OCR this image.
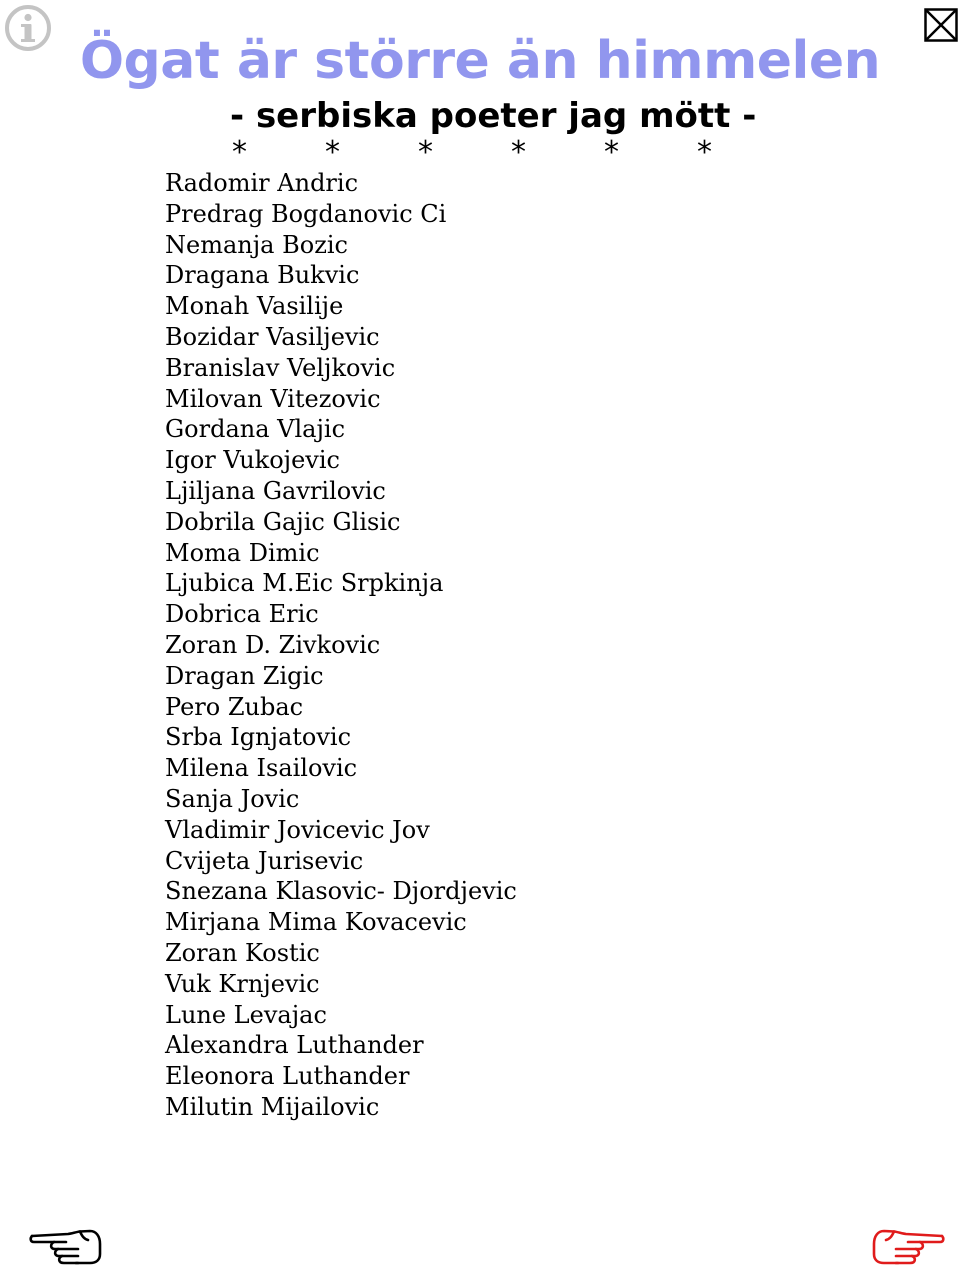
Ögat är större än himmelen
- serbiska poeter jag mött -
*	*	*	*	*	*
Radomir Andric
Predrag Bogdanovic Ci
Nemanja Bozic
Dragana Bukvic
Monah Vasilije
Bozidar Vasiljevic
Branislav Veljkovic
Milovan Vitezovic
Gordana Vlajic
Igor Vukojevic
Ljiljana Gavrilovic
Dobrila Gajic Glisic
Moma Dimic
Ljubica M.Eic Srpkinja
Dobrica Eric
Zoran D. Zivkovic
Dragan Zigic
Pero Zubac
Srba Ignjatovic
Milena Isailovic
Sanja Jovic
Vladimir Jovicevic Jov
Cvijeta Jurisevic
Snezana Klasovic- Djordjevic
Mirjana Mima Kovacevic
Zoran Kostic
Vuk Krnjevic
Lune Levajac
Alexandra Luthander
Eleonora Luthander
Milutin Mijailovic
